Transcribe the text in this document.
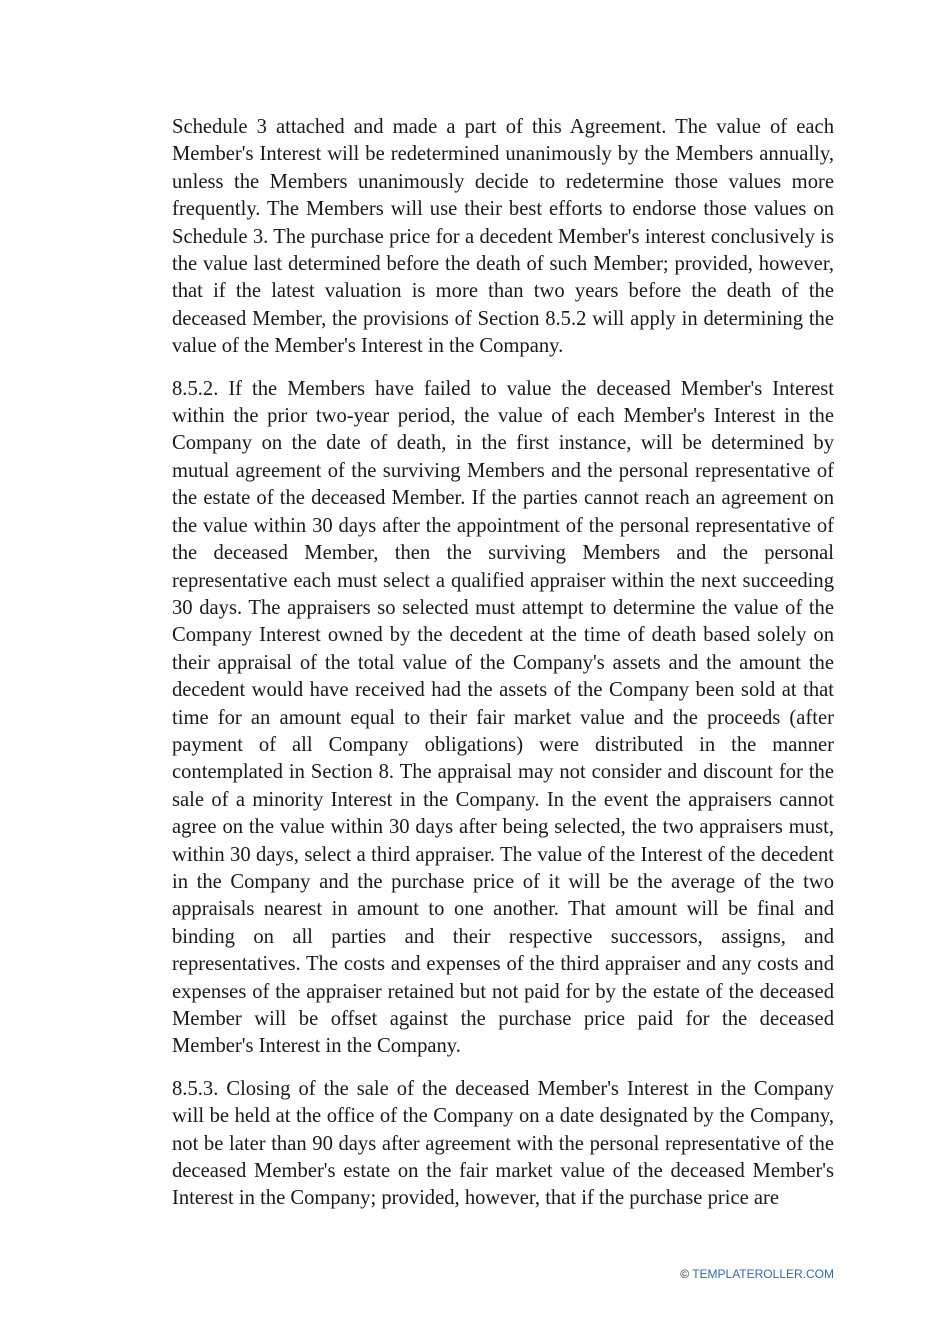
Schedule 3 attached and made a part of this Agreement. The value of each Member's Interest will be redetermined unanimously by the Members annually, unless the Members unanimously decide to redetermine those values more frequently. The Members will use their best efforts to endorse those values on Schedule 3. The purchase price for a decedent Member's interest conclusively is the value last determined before the death of such Member; provided, however, that if the latest valuation is more than two years before the death of the deceased Member, the provisions of Section 8.5.2 will apply in determining the value of the Member's Interest in the Company.

8.5.2. If the Members have failed to value the deceased Member's Interest within the prior two-year period, the value of each Member's Interest in the Company on the date of death, in the first instance, will be determined by mutual agreement of the surviving Members and the personal representative of the estate of the deceased Member. If the parties cannot reach an agreement on the value within 30 days after the appointment of the personal representative of the deceased Member, then the surviving Members and the personal representative each must select a qualified appraiser within the next succeeding 30 days. The appraisers so selected must attempt to determine the value of the Company Interest owned by the decedent at the time of death based solely on their appraisal of the total value of the Company's assets and the amount the decedent would have received had the assets of the Company been sold at that time for an amount equal to their fair market value and the proceeds (after payment of all Company obligations) were distributed in the manner contemplated in Section 8. The appraisal may not consider and discount for the sale of a minority Interest in the Company. In the event the appraisers cannot agree on the value within 30 days after being selected, the two appraisers must, within 30 days, select a third appraiser. The value of the Interest of the decedent in the Company and the purchase price of it will be the average of the two appraisals nearest in amount to one another. That amount will be final and binding on all parties and their respective successors, assigns, and representatives. The costs and expenses of the third appraiser and any costs and expenses of the appraiser retained but not paid for by the estate of the deceased Member will be offset against the purchase price paid for the deceased Member's Interest in the Company.

8.5.3. Closing of the sale of the deceased Member's Interest in the Company will be held at the office of the Company on a date designated by the Company, not be later than 90 days after agreement with the personal representative of the deceased Member's estate on the fair market value of the deceased Member's Interest in the Company; provided, however, that if the purchase price are

© TEMPLATEROLLER.COM
